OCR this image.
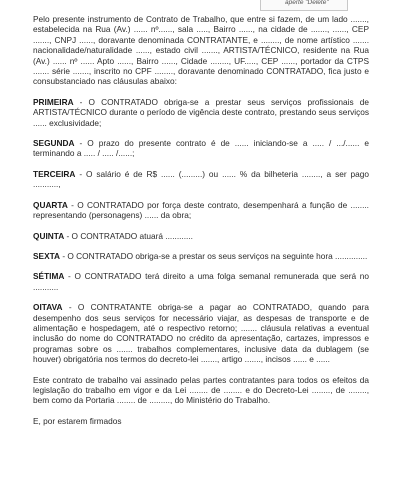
aperte "Delete"

Pelo presente instrumento de Contrato de Trabalho, que entre si fazem, de um lado ......., estabelecida na Rua (Av.) ...... nº......, sala ....., Bairro ......, na cidade de ......., ......, CEP ......., CNPJ ......, doravante denominada CONTRATANTE, e ........, de nome artístico ....... nacionalidade/naturalidade ......, estado civil ......., ARTISTA/TÉCNICO, residente na Rua (Av.) ...... nº ...... Apto ......, Bairro ......, Cidade ........, UF....., CEP ......, portador da CTPS ....... série ......., inscrito no CPF ........, doravante denominado CONTRATADO, fica justo e consubstanciado nas cláusulas abaixo:

PRIMEIRA - O CONTRATADO obriga-se a prestar seus serviços profissionais de ARTISTA/TÉCNICO durante o período de vigência deste contrato, prestando seus serviços ...... exclusividade;

SEGUNDA - O prazo do presente contrato é de ...... iniciando-se a ..... / .../...... e terminando a ..... / ..... /......;

TERCEIRA - O salário é de R$ ...... (.........) ou ...... % da bilheteria ........, a ser pago ...........,

QUARTA - O CONTRATADO por força deste contrato, desempenhará a função de ........ representando (personagens) ...... da obra;

QUINTA - O CONTRATADO atuará ............

SEXTA - O CONTRATADO obriga-se a prestar os seus serviços na seguinte hora ..............

SÉTIMA - O CONTRATADO terá direito a uma folga semanal remunerada que será no ...........

OITAVA - O CONTRATANTE obriga-se a pagar ao CONTRATADO, quando para desempenho dos seus serviços for necessário viajar, as despesas de transporte e de alimentação e hospedagem, até o respectivo retorno; ....... cláusula relativas a eventual inclusão do nome do CONTRATADO no crédito da apresentação, cartazes, impressos e programas sobre os ....... trabalhos complementares, inclusive data da dublagem (se houver) obrigatória nos termos do decreto-lei ......., artigo ......., incisos ...... e ......

Este contrato de trabalho vai assinado pelas partes contratantes para todos os efeitos da legislação do trabalho em vigor e da Lei ........ de ........ e do Decreto-Lei ........, de ........, bem como da Portaria ........ de ........., do Ministério do Trabalho.

E, por estarem firmados
